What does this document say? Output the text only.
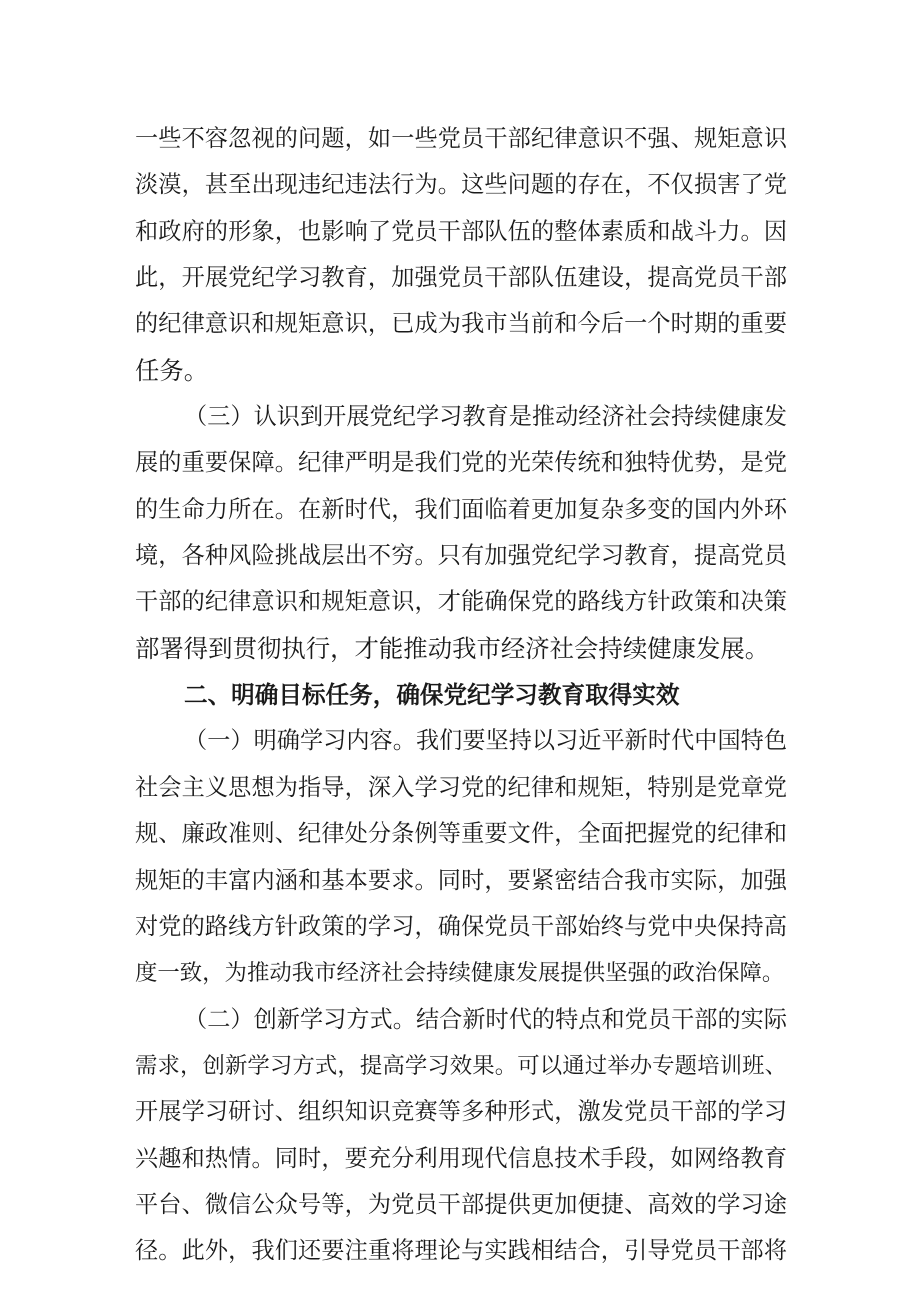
一些不容忽视的问题，如一些党员干部纪律意识不强、规矩意识
淡漠，甚至出现违纪违法行为。这些问题的存在，不仅损害了党
和政府的形象，也影响了党员干部队伍的整体素质和战斗力。因
此，开展党纪学习教育，加强党员干部队伍建设，提高党员干部
的纪律意识和规矩意识，已成为我市当前和今后一个时期的重要
任务。
（三）认识到开展党纪学习教育是推动经济社会持续健康发
展的重要保障。纪律严明是我们党的光荣传统和独特优势，是党
的生命力所在。在新时代，我们面临着更加复杂多变的国内外环
境，各种风险挑战层出不穷。只有加强党纪学习教育，提高党员
干部的纪律意识和规矩意识，才能确保党的路线方针政策和决策
部署得到贯彻执行，才能推动我市经济社会持续健康发展。
二、明确目标任务，确保党纪学习教育取得实效
（一）明确学习内容。我们要坚持以习近平新时代中国特色
社会主义思想为指导，深入学习党的纪律和规矩，特别是党章党
规、廉政准则、纪律处分条例等重要文件，全面把握党的纪律和
规矩的丰富内涵和基本要求。同时，要紧密结合我市实际，加强
对党的路线方针政策的学习，确保党员干部始终与党中央保持高
度一致，为推动我市经济社会持续健康发展提供坚强的政治保障。
（二）创新学习方式。结合新时代的特点和党员干部的实际
需求，创新学习方式，提高学习效果。可以通过举办专题培训班、
开展学习研讨、组织知识竞赛等多种形式，激发党员干部的学习
兴趣和热情。同时，要充分利用现代信息技术手段，如网络教育
平台、微信公众号等，为党员干部提供更加便捷、高效的学习途
径。此外，我们还要注重将理论与实践相结合，引导党员干部将
